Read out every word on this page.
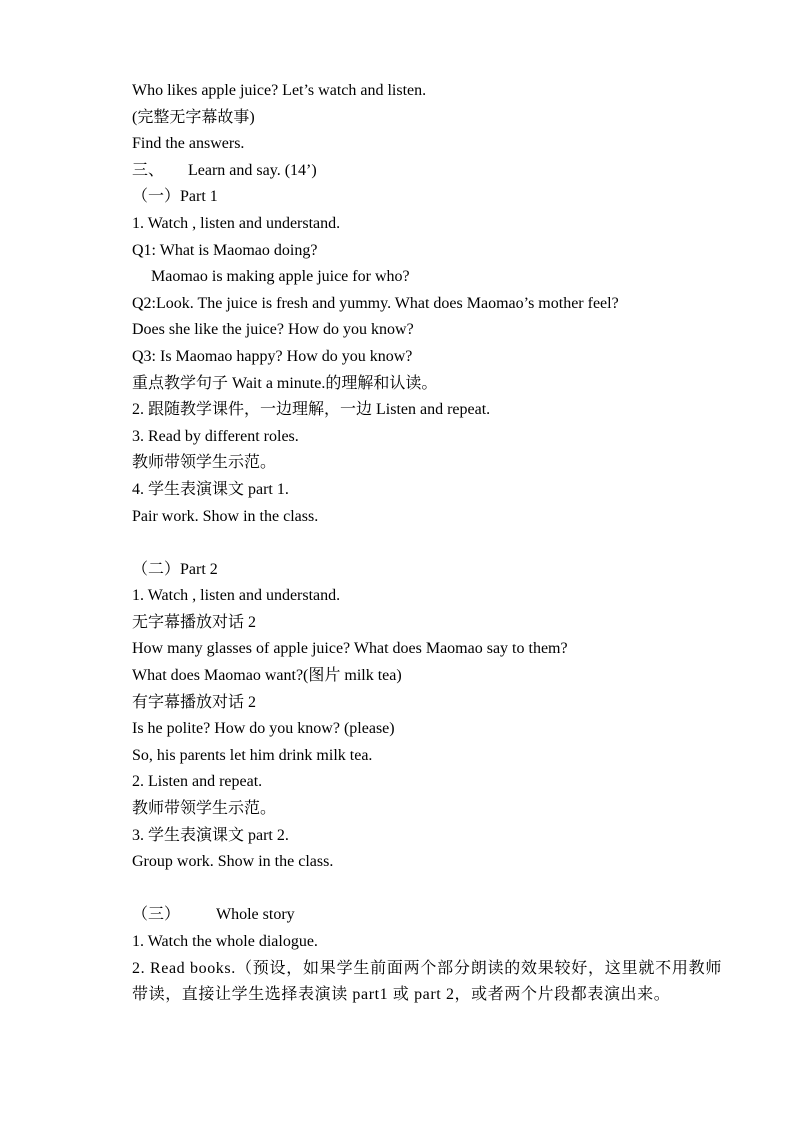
Who likes apple juice? Let’s watch and listen.
(完整无字幕故事)
Find the answers.
三、 Learn and say. (14’)
（一）Part 1
1. Watch , listen and understand.
Q1: What is Maomao doing?
Maomao is making apple juice for who?
Q2:Look. The juice is fresh and yummy. What does Maomao’s mother feel?
Does she like the juice? How do you know?
Q3: Is Maomao happy? How do you know?
重点教学句子 Wait a minute.的理解和认读。
2. 跟随教学课件，一边理解，一边 Listen and repeat.
3. Read by different roles.
教师带领学生示范。
4. 学生表演课文 part 1.
Pair work. Show in the class.
（二）Part 2
1. Watch , listen and understand.
无字幕播放对话 2
How many glasses of apple juice? What does Maomao say to them?
What does Maomao want?(图片 milk tea)
有字幕播放对话 2
Is he polite? How do you know? (please)
So, his parents let him drink milk tea.
2. Listen and repeat.
教师带领学生示范。
3. 学生表演课文 part 2.
Group work. Show in the class.
（三） Whole story
1. Watch the whole dialogue.
2. Read books.（预设，如果学生前面两个部分朗读的效果较好，这里就不用教师带读，直接让学生选择表演读 part1 或 part 2，或者两个片段都表演出来。
